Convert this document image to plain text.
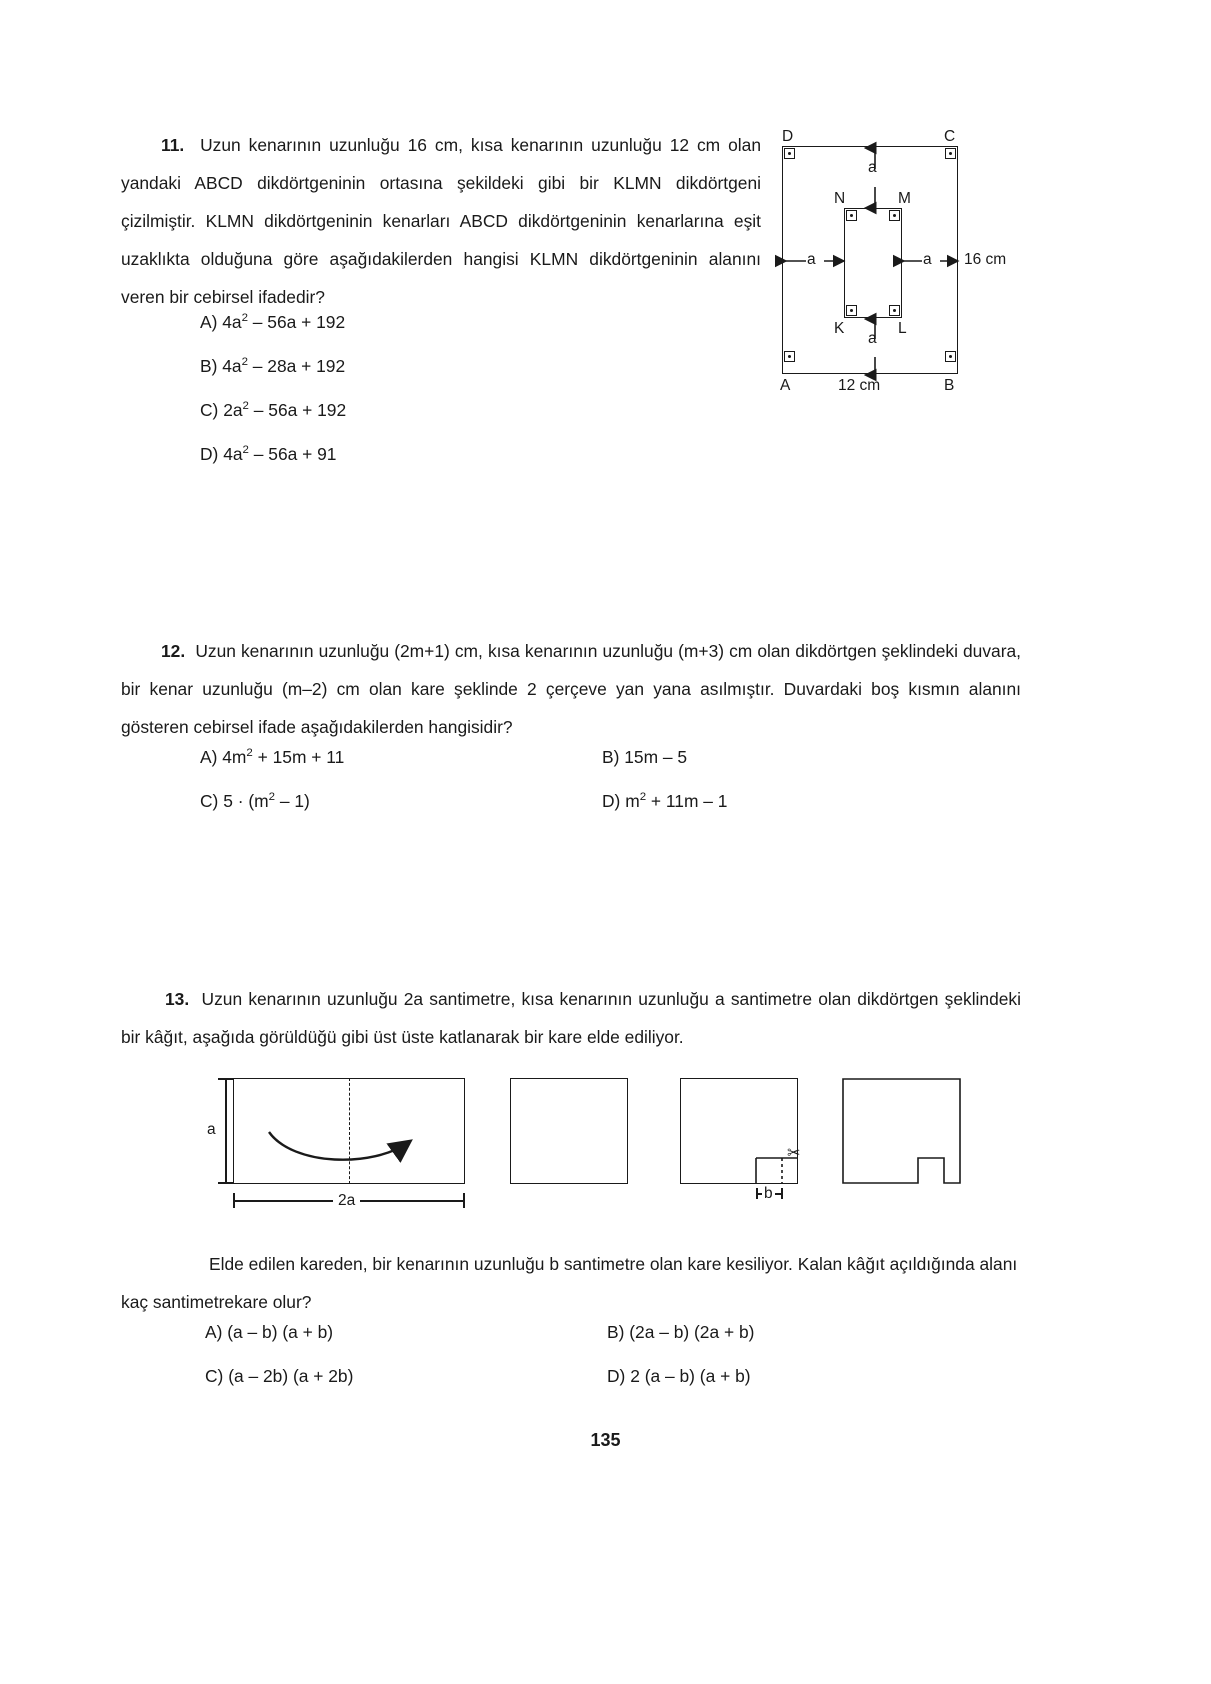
11. Uzun kenarının uzunluğu 16 cm, kısa kenarının uzunluğu 12 cm olan yandaki ABCD dikdörtgeninin ortasına şekildeki gibi bir KLMN dikdörtgeni çizilmiştir. KLMN dikdörtgeninin kenarları ABCD dikdörtgeninin kenarlarına eşit uzaklıkta olduğuna göre aşağıdakilerden hangisi KLMN dikdörtgeninin alanını veren bir cebirsel ifadedir?
A) $4a^2 - 56a + 192$
B) $4a^2 - 28a + 192$
C) $2a^2 - 56a + 192$
D) $4a^2 - 56a + 91$
D	C
A	B
N	M
K	L
a
a
a	a 16 cm
12 cm
12. Uzun kenarının uzunluğu (2m+1) cm, kısa kenarının uzunluğu (m+3) cm olan dikdörtgen şeklindeki duvara, bir kenar uzunluğu (m–2) cm olan kare şeklinde 2 çerçeve yan yana asılmıştır. Duvardaki boş kısmın alanını gösteren cebirsel ifade aşağıdakilerden hangisidir?
A) $4m^2 + 15m + 11$	B) 15m – 5
C) $5 \cdot (m^2 - 1)$	D) $m^2 + 11m - 1$
13. Uzun kenarının uzunluğu 2a santimetre, kısa kenarının uzunluğu a santimetre olan dikdörtgen şeklindeki bir kâğıt, aşağıda görüldüğü gibi üst üste katlanarak bir kare elde ediliyor.
a
2a
✂
b
Elde edilen kareden, bir kenarının uzunluğu b santimetre olan kare kesiliyor. Kalan kâğıt açıldığında alanı kaç santimetrekare olur?
A) (a – b) (a + b)	B) (2a – b) (2a + b)
C) (a – 2b) (a + 2b)	D) 2 (a – b) (a + b)
135
